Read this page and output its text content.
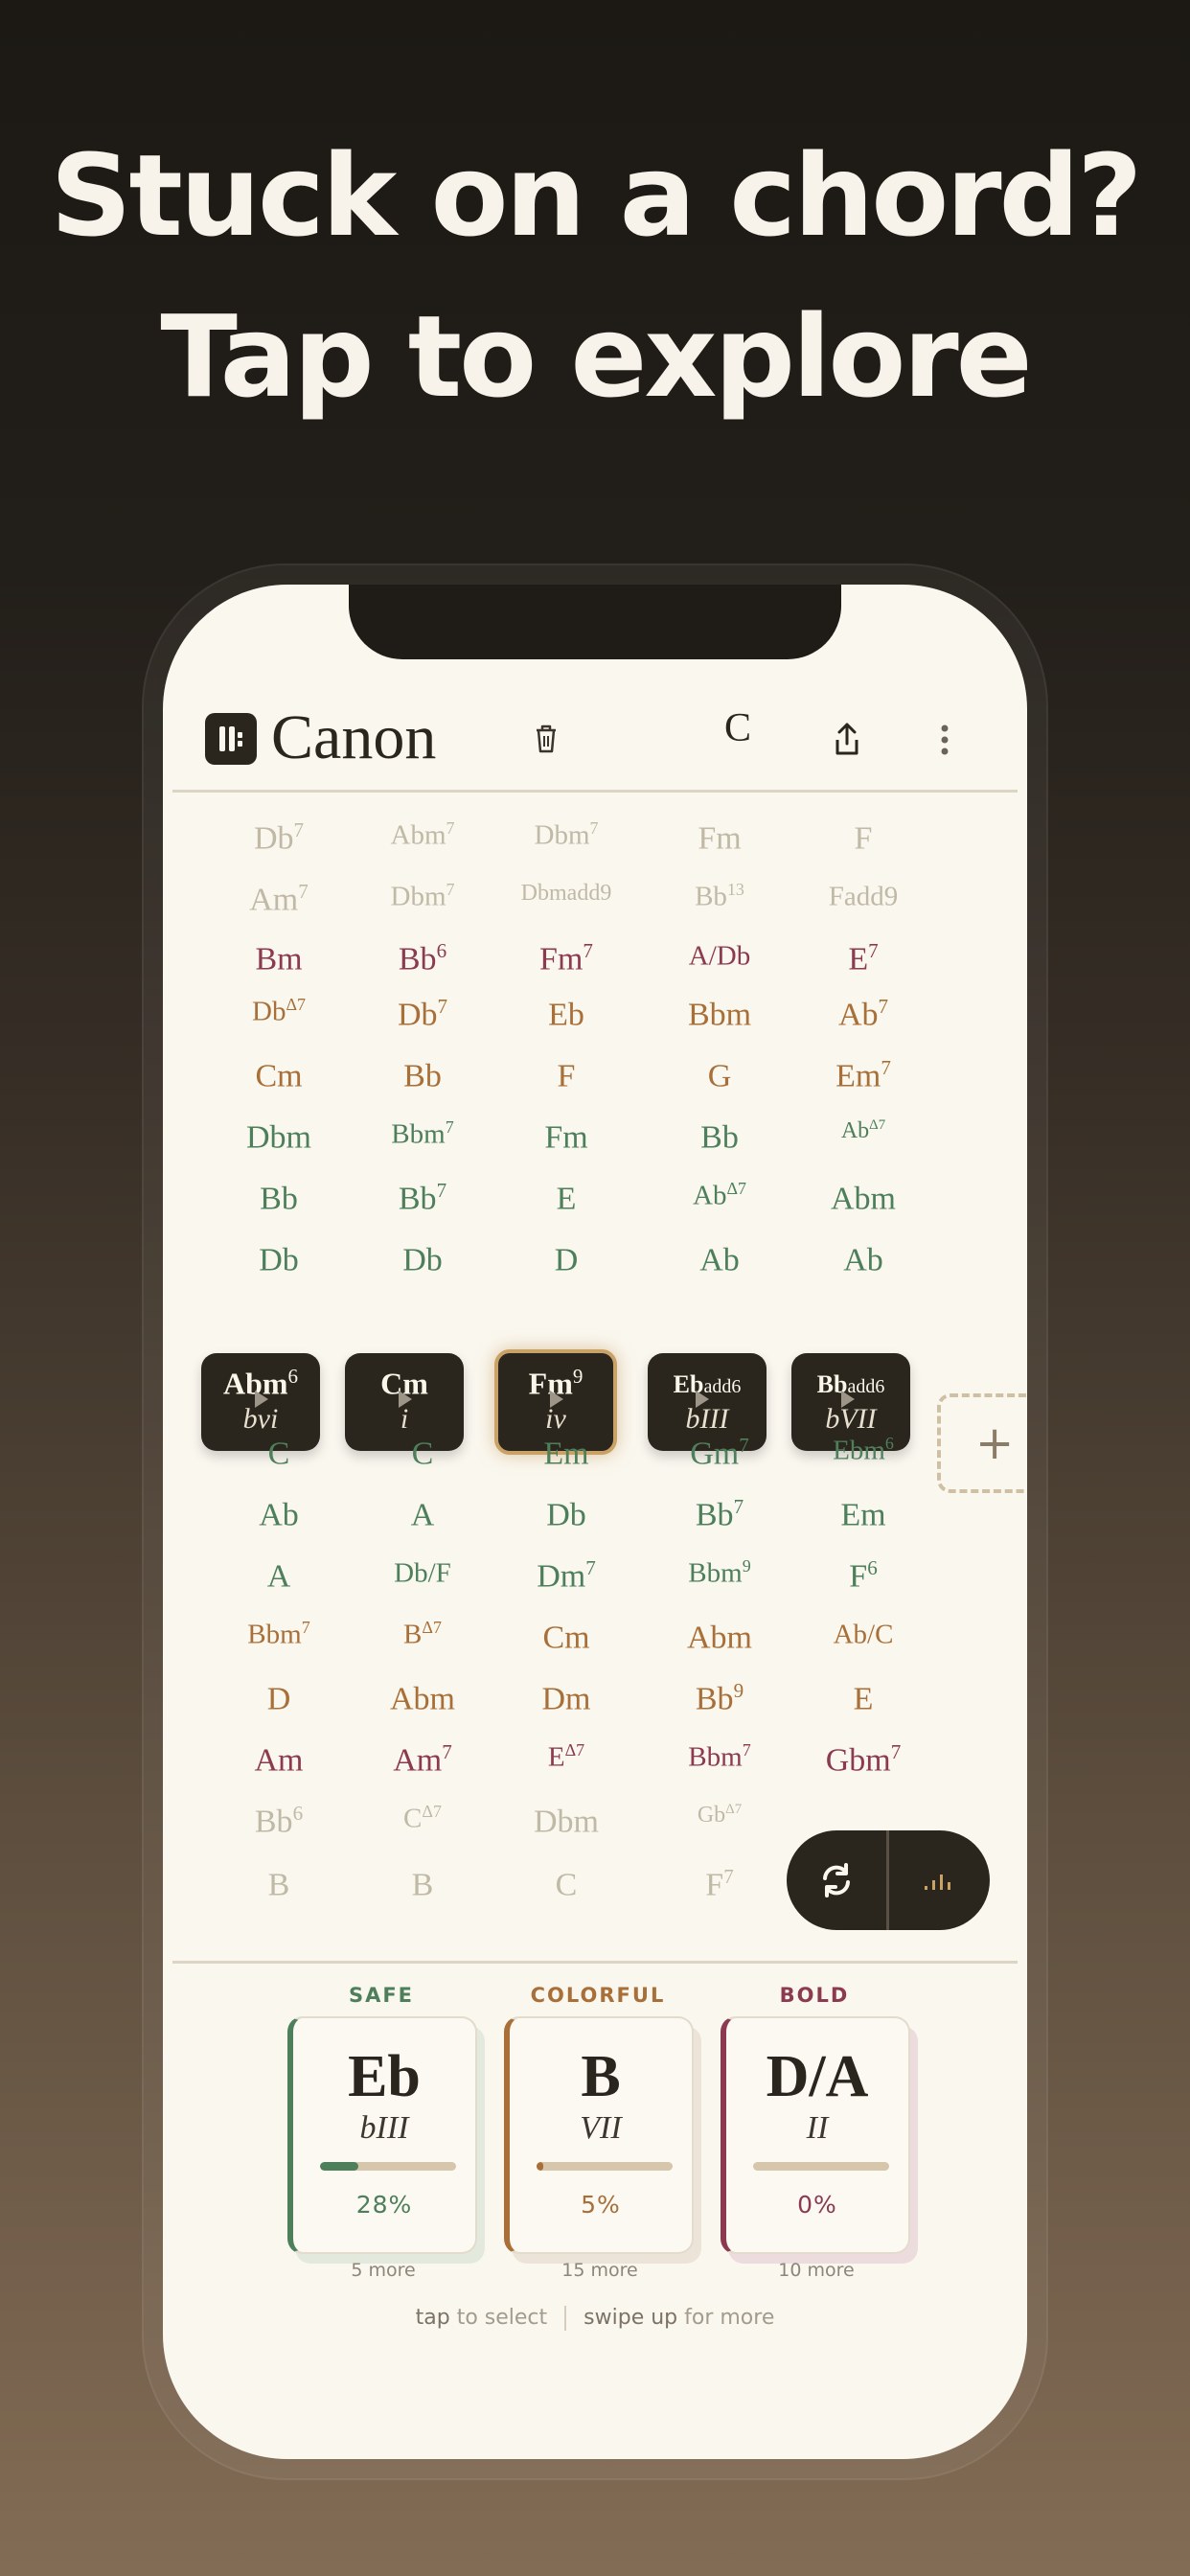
Stuck on a chord?
Tap to explore
Canon	C
Db$^7$
Am$^7$
Bm
$Db^{\Delta 7}$
Cm
Dbm
Bb
Db
Abm$^7$
Dbm$^7$
Bb$^6$
Db$^7$
Bb
Bbm$^7$
Bb$^7$
Db
Dbm$^7$
Dbmadd9
Fm$^7$
Eb
F
Fm
E
D
Fm
Bb$^{13}$
A/Db
Bbm
G
Bb
$Ab^{\Delta 7}$
Ab
F
Fadd9
$E^7$
Ab$^7$
Em$^7$
$Ab^{\Delta 7}$
Abm
Ab
Abm$^6$
bvi
Cm
i
Fm$^9$
iv
Ebadd6
bIII
Bbadd6
bVII	+
C
Ab
A
Bbm$^7$
D
Am
Bb$^6$
B
C
A
Db/F
$B^{\Delta 7}$
Abm
Am$^7$
$C^{\Delta 7}$
B
Em
Db
Dm$^7$
Cm
Dm
$E^{\Delta 7}$
Dbm
C
Gm$^7$
Bb$^7$
Bbm$^9$
Abm
Bb$^9$
Bbm$^7$
$Gb^{\Delta 7}$
$F^7$
Ebm$^6$
Em
$F^6$
Ab/C
E
Gbm$^7$
SAFE
Eb
bIII
28%
5 more
COLORFUL
B
VII
5%
15 more
BOLD
D/A
II
0%
10 more
tap to select swipe up for more
